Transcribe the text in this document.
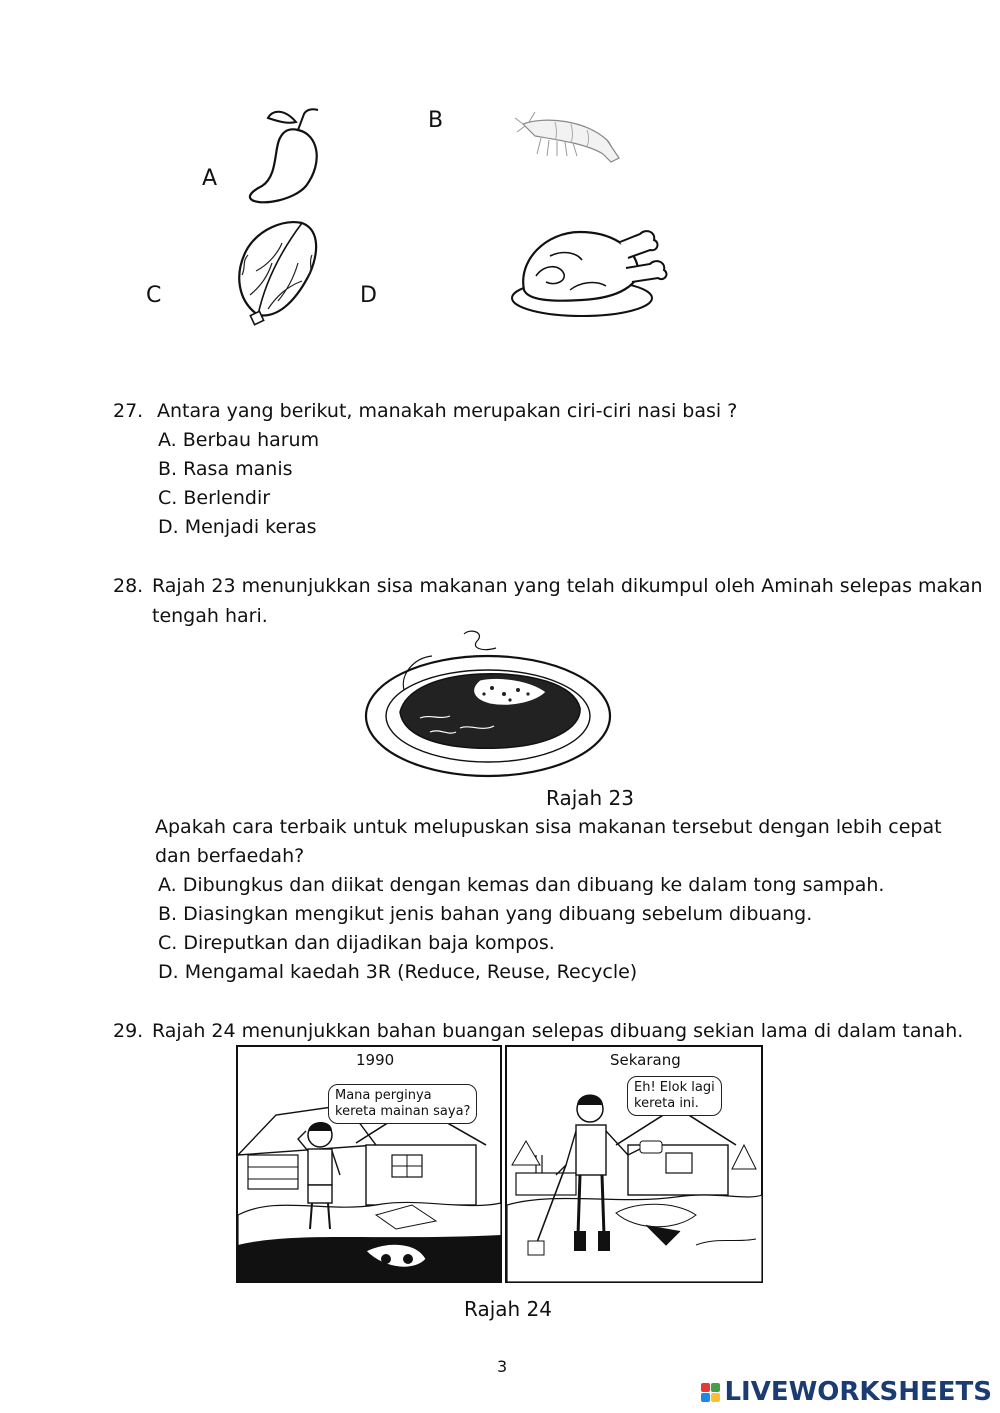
A
B
C	D
27. Antara yang berikut, manakah merupakan ciri-ciri nasi basi ?
A. Berbau harum
B. Rasa manis
C. Berlendir
D. Menjadi keras
28. Rajah 23 menunjukkan sisa makanan yang telah dikumpul oleh Aminah selepas makan
tengah hari.
Rajah 23
Apakah cara terbaik untuk melupuskan sisa makanan tersebut dengan lebih cepat
dan berfaedah?
A. Dibungkus dan diikat dengan kemas dan dibuang ke dalam tong sampah.
B. Diasingkan mengikut jenis bahan yang dibuang sebelum dibuang.
C. Direputkan dan dijadikan baja kompos.
D. Mengamal kaedah 3R (Reduce, Reuse, Recycle)
29. Rajah 24 menunjukkan bahan buangan selepas dibuang sekian lama di dalam tanah.
1990	Sekarang
Mana perginya
kereta mainan saya?
Eh! Elok lagi
kereta ini.
Rajah 24
3
LIVEWORKSHEETS
